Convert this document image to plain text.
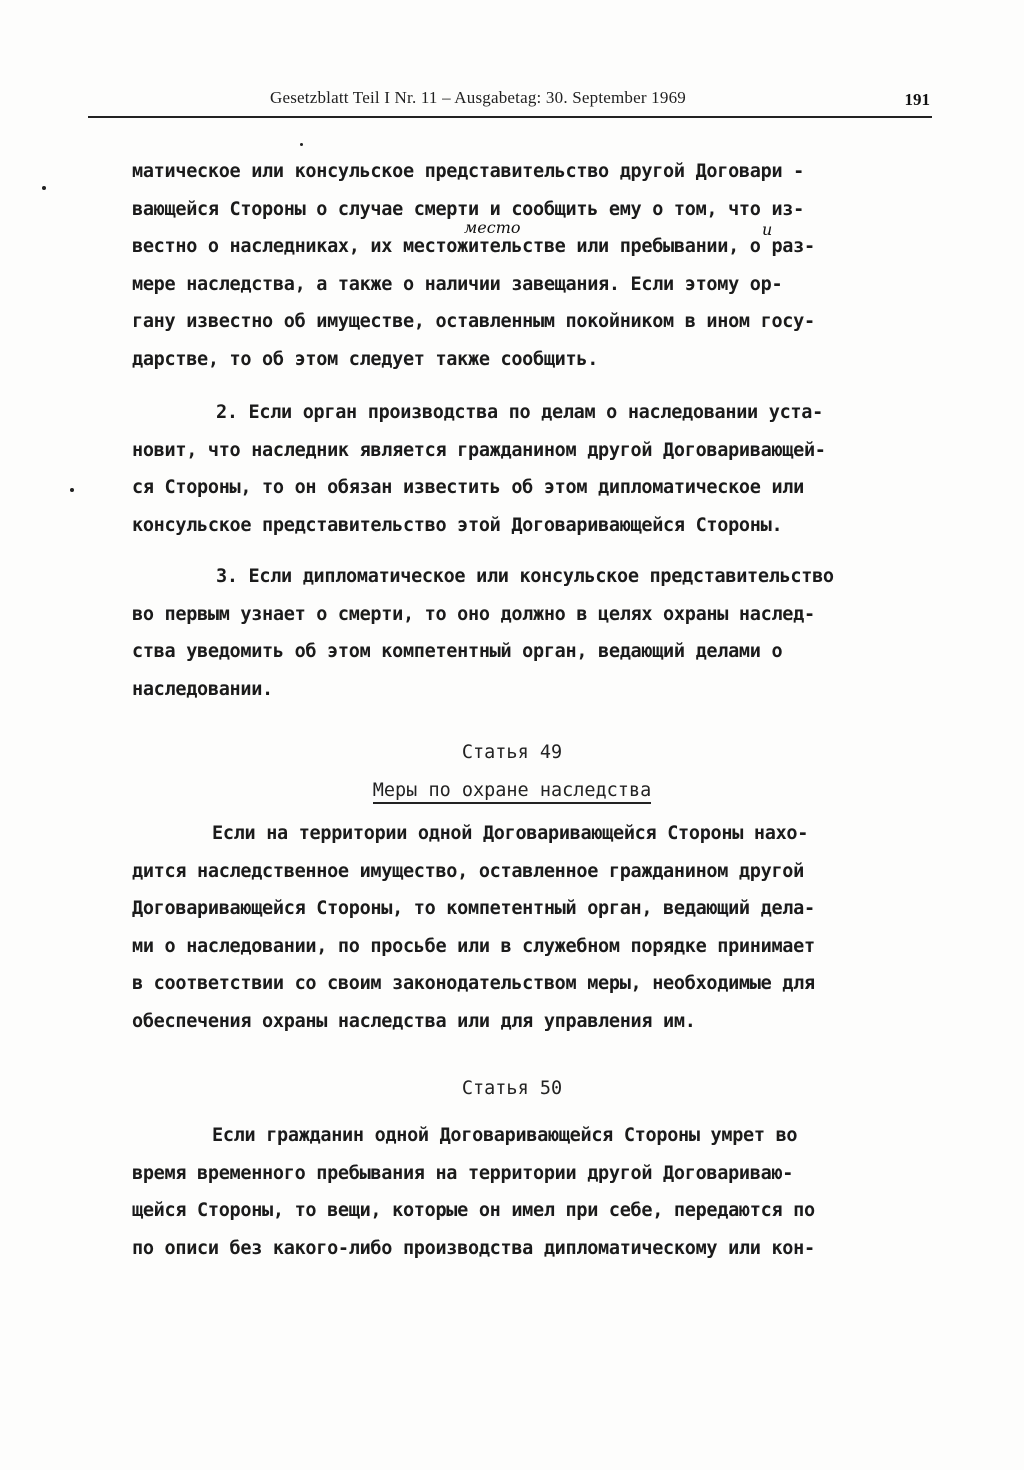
Gesetzblatt Teil I Nr. 11 – Ausgabetag: 30. September 1969	191
место	и
матическое или консульское представительство другой Договари -
вающейся Стороны о случае смерти и сообщить ему о том, что из-
вестно о наследниках, их местожительстве или пребывании, о раз-
мере наследства, а также о наличии завещания. Если этому ор-
гану известно об имуществе, оставленным покойником в ином госу-
дарстве, то об этом следует также сообщить.
2. Если орган производства по делам о наследовании уста-
новит, что наследник является гражданином другой Договаривающей-
ся Стороны, то он обязан известить об этом дипломатическое или
консульское представительство этой Договаривающейся Стороны.
3. Если дипломатическое или консульское представительство
во первым узнает о смерти, то оно должно в целях охраны наслед-
ства уведомить об этом компетентный орган, ведающий делами о
наследовании.
Статья 49
Меры по охране наследства
Если на территории одной Договаривающейся Стороны нахо-
дится наследственное имущество, оставленное гражданином другой
Договаривающейся Стороны, то компетентный орган, ведающий дела-
ми о наследовании, по просьбе или в служебном порядке принимает
в соответствии со своим законодательством меры, необходимые для
обеспечения охраны наследства или для управления им.
Статья 50
Если гражданин одной Договаривающейся Стороны умрет во
время временного пребывания на территории другой Договариваю-
щейся Стороны, то вещи, которые он имел при себе, передаются по
по описи без какого-либо производства дипломатическому или кон-
